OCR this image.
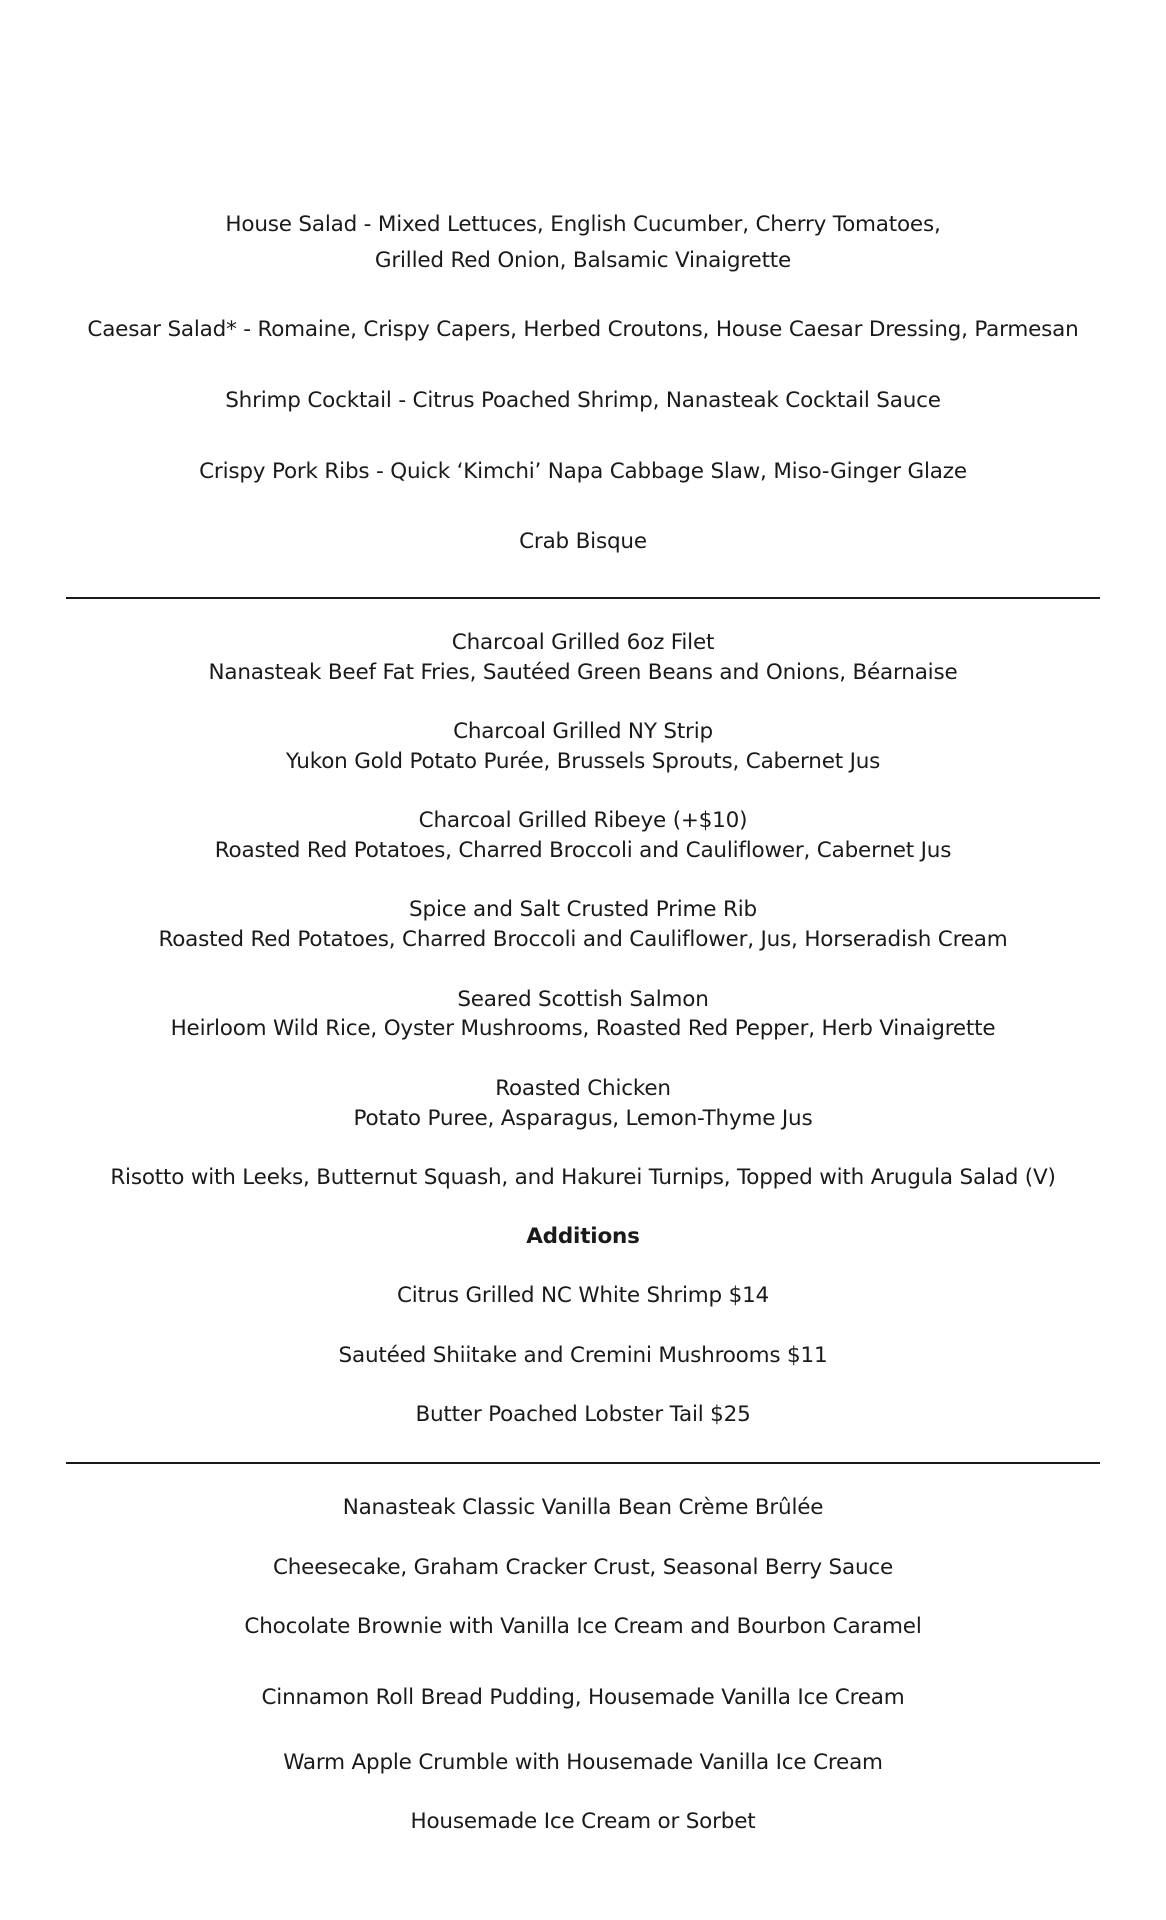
House Salad - Mixed Lettuces, English Cucumber, Cherry Tomatoes,
Grilled Red Onion, Balsamic Vinaigrette
Caesar Salad* - Romaine, Crispy Capers, Herbed Croutons, House Caesar Dressing, Parmesan
Shrimp Cocktail - Citrus Poached Shrimp, Nanasteak Cocktail Sauce
Crispy Pork Ribs - Quick ‘Kimchi’ Napa Cabbage Slaw, Miso-Ginger Glaze
Crab Bisque
Charcoal Grilled 6oz Filet
Nanasteak Beef Fat Fries, Sautéed Green Beans and Onions, Béarnaise
Charcoal Grilled NY Strip
Yukon Gold Potato Purée, Brussels Sprouts, Cabernet Jus
Charcoal Grilled Ribeye (+$10)
Roasted Red Potatoes, Charred Broccoli and Cauliflower, Cabernet Jus
Spice and Salt Crusted Prime Rib
Roasted Red Potatoes, Charred Broccoli and Cauliflower, Jus, Horseradish Cream
Seared Scottish Salmon
Heirloom Wild Rice, Oyster Mushrooms, Roasted Red Pepper, Herb Vinaigrette
Roasted Chicken
Potato Puree, Asparagus, Lemon-Thyme Jus
Risotto with Leeks, Butternut Squash, and Hakurei Turnips, Topped with Arugula Salad (V)
Additions
Citrus Grilled NC White Shrimp $14
Sautéed Shiitake and Cremini Mushrooms $11
Butter Poached Lobster Tail $25
Nanasteak Classic Vanilla Bean Crème Brûlée
Cheesecake, Graham Cracker Crust, Seasonal Berry Sauce
Chocolate Brownie with Vanilla Ice Cream and Bourbon Caramel
Cinnamon Roll Bread Pudding, Housemade Vanilla Ice Cream
Warm Apple Crumble with Housemade Vanilla Ice Cream
Housemade Ice Cream or Sorbet
